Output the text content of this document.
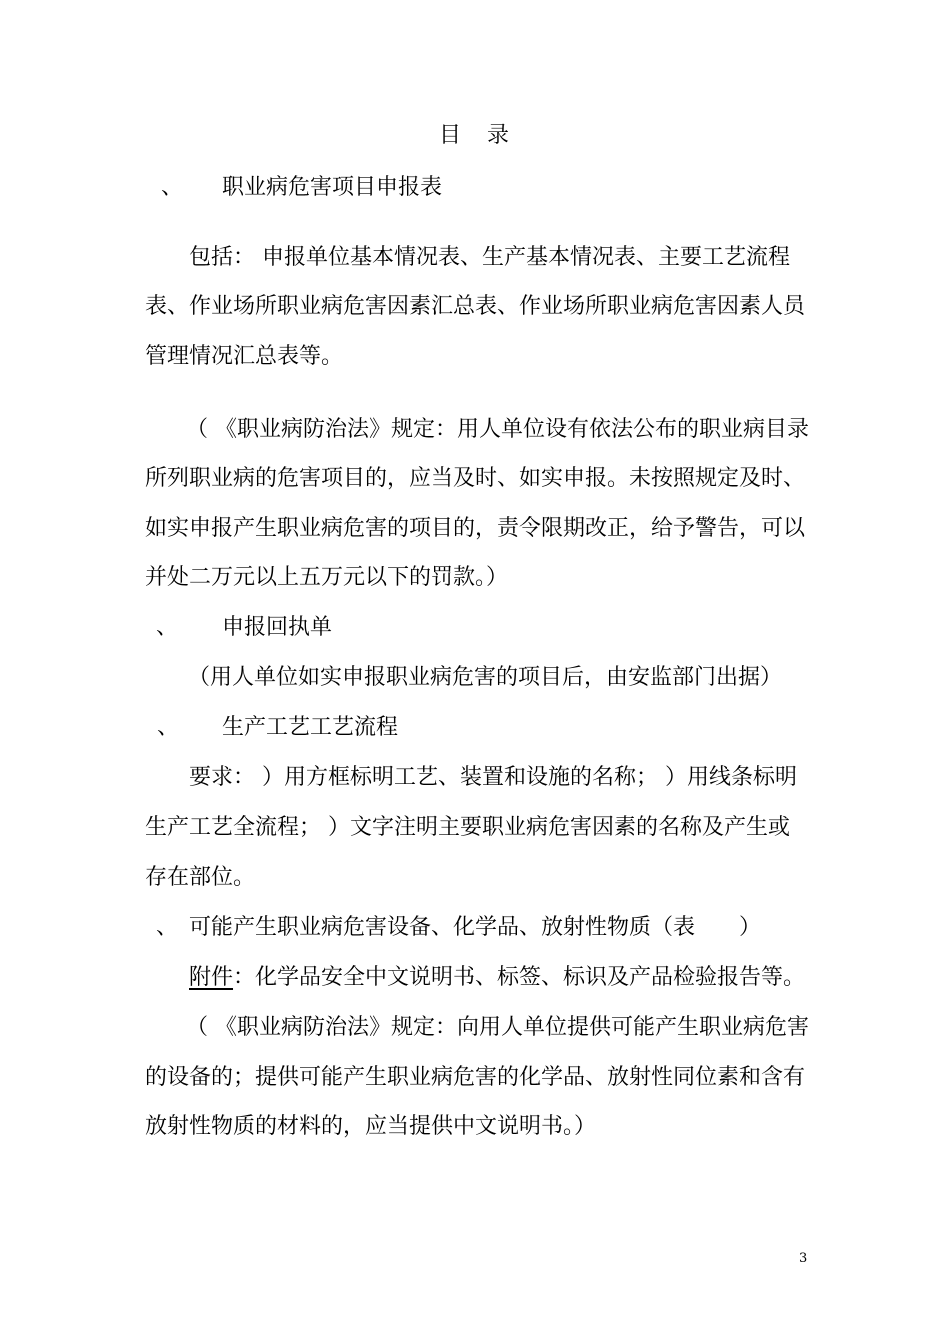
目　录
、 职业病危害项目申报表
包括： 申报单位基本情况表、生产基本情况表、主要工艺流程
表、作业场所职业病危害因素汇总表、作业场所职业病危害因素人员
管理情况汇总表等。
（ 《职业病防治法》规定：用人单位设有依法公布的职业病目录
所列职业病的危害项目的，应当及时、如实申报。未按照规定及时、
如实申报产生职业病危害的项目的，责令限期改正，给予警告，可以
并处二万元以上五万元以下的罚款。）
、 申报回执单
（用人单位如实申报职业病危害的项目后，由安监部门出据）
、 生产工艺工艺流程
要求： ）用方框标明工艺、装置和设施的名称； ）用线条标明
生产工艺全流程； ）文字注明主要职业病危害因素的名称及产生或
存在部位。
、 可能产生职业病危害设备、化学品、放射性物质（表　　）
附件：化学品安全中文说明书、标签、标识及产品检验报告等。
（ 《职业病防治法》规定：向用人单位提供可能产生职业病危害
的设备的；提供可能产生职业病危害的化学品、放射性同位素和含有
放射性物质的材料的，应当提供中文说明书。）
3
